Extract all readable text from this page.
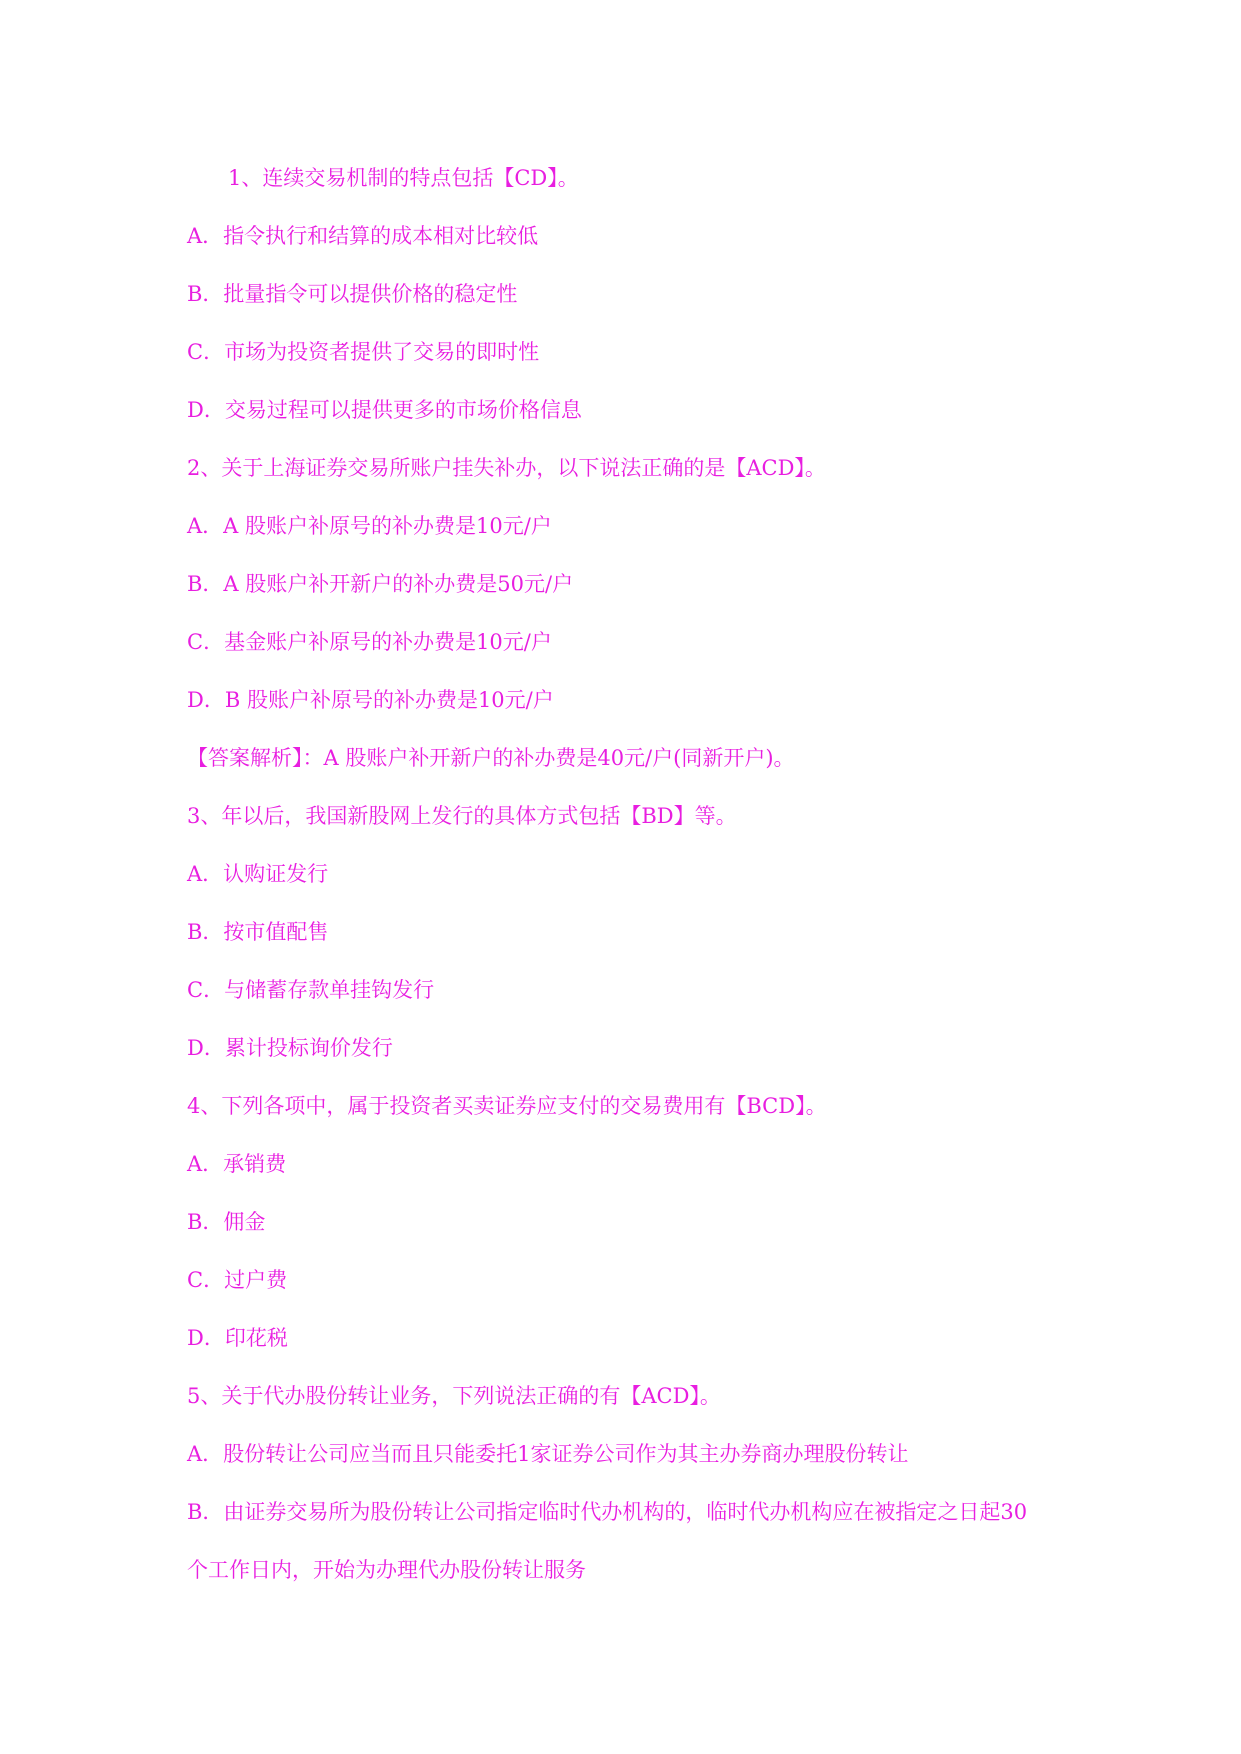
1、连续交易机制的特点包括【CD】。

A．指令执行和结算的成本相对比较低

B．批量指令可以提供价格的稳定性

C．市场为投资者提供了交易的即时性

D．交易过程可以提供更多的市场价格信息

2、关于上海证券交易所账户挂失补办，以下说法正确的是【ACD】。

A．A 股账户补原号的补办费是10元/户

B．A 股账户补开新户的补办费是50元/户

C．基金账户补原号的补办费是10元/户

D．B 股账户补原号的补办费是10元/户

【答案解析】：A 股账户补开新户的补办费是40元/户(同新开户)。

3、年以后，我国新股网上发行的具体方式包括【BD】等。

A．认购证发行

B．按市值配售

C．与储蓄存款单挂钩发行

D．累计投标询价发行

4、下列各项中，属于投资者买卖证券应支付的交易费用有【BCD】。

A．承销费

B．佣金

C．过户费

D．印花税

5、关于代办股份转让业务，下列说法正确的有【ACD】。

A．股份转让公司应当而且只能委托1家证券公司作为其主办券商办理股份转让

B．由证券交易所为股份转让公司指定临时代办机构的，临时代办机构应在被指定之日起30

个工作日内，开始为办理代办股份转让服务
